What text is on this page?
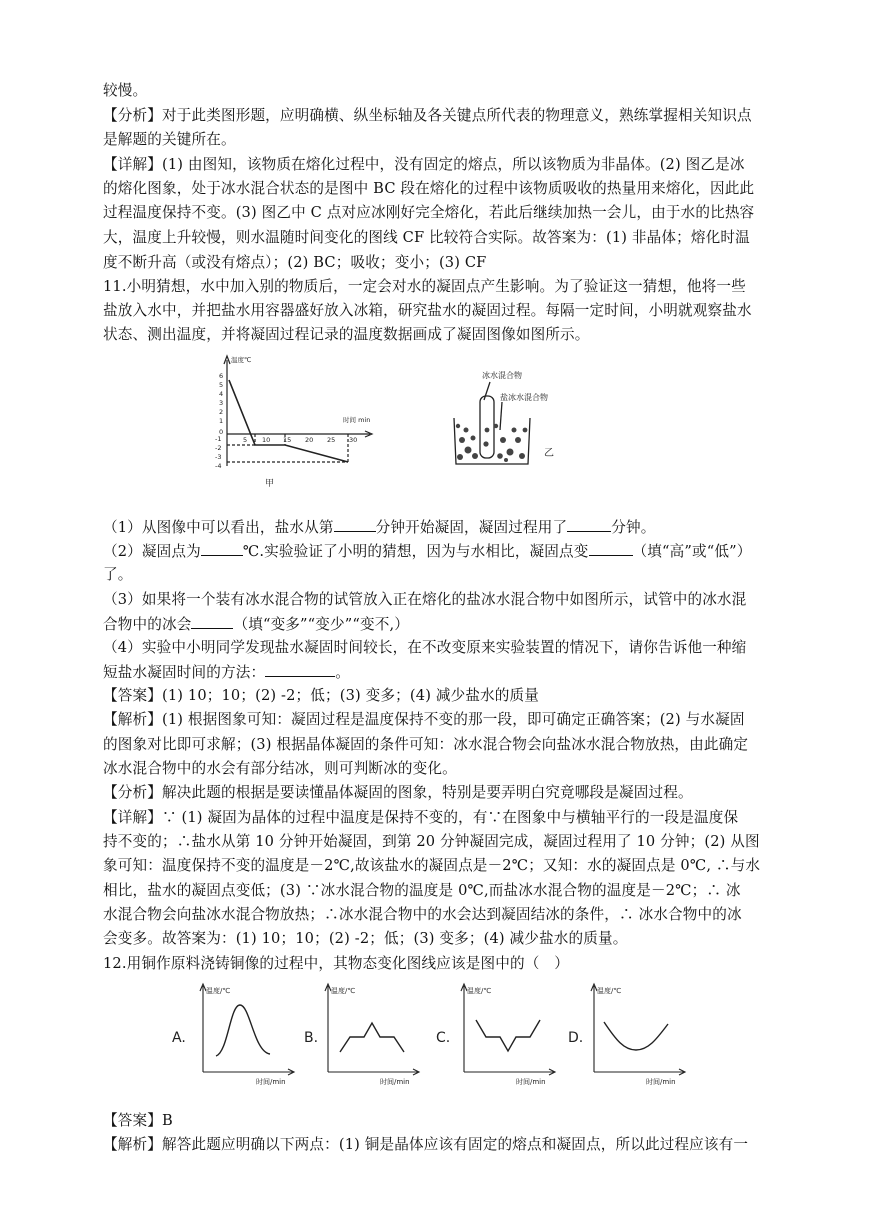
较慢。
【分析】对于此类图形题，应明确横、纵坐标轴及各关键点所代表的物理意义，熟练掌握相关知识点
是解题的关键所在。
【详解】(1) 由图知，该物质在熔化过程中，没有固定的熔点，所以该物质为非晶体。(2) 图乙是冰
的熔化图象，处于冰水混合状态的是图中 BC 段在熔化的过程中该物质吸收的热量用来熔化，因此此
过程温度保持不变。(3) 图乙中 C 点对应冰刚好完全熔化，若此后继续加热一会儿，由于水的比热容
大，温度上升较慢，则水温随时间变化的图线 CF 比较符合实际。故答案为：(1) 非晶体；熔化时温
度不断升高（或没有熔点）；(2) BC；吸收；变小；(3) CF
11.小明猜想，水中加入别的物质后，一定会对水的凝固点产生影响。为了验证这一猜想，他将一些
盐放入水中，并把盐水用容器盛好放入冰箱，研究盐水的凝固过程。每隔一定时间，小明就观察盐水
状态、测出温度，并将凝固过程记录的温度数据画成了凝固图像如图所示。
温度℃
时间 min
6
5
4
3
2
1
0
-1
-2
-3
-4
5 10 15 20 25 30
甲
冰水混合物
盐冰水混合物
乙
（1）从图像中可以看出，盐水从第	分钟开始凝固，凝固过程用了	分钟。
（2）凝固点为	℃.实验验证了小明的猜想，因为与水相比，凝固点变	（填“高”或“低”）
了。
（3）如果将一个装有冰水混合物的试管放入正在熔化的盐冰水混合物中如图所示，试管中的冰水混
合物中的冰会	（填“变多”“变少”“变不,）
（4）实验中小明同学发现盐水凝固时间较长，在不改变原来实验装置的情况下，请你告诉他一种缩
短盐水凝固时间的方法：	。
【答案】(1) 10；10；(2) -2；低；(3) 变多；(4) 减少盐水的质量
【解析】(1) 根据图象可知：凝固过程是温度保持不变的那一段，即可确定正确答案；(2) 与水凝固
的图象对比即可求解；(3) 根据晶体凝固的条件可知：冰水混合物会向盐冰水混合物放热，由此确定
冰水混合物中的水会有部分结冰，则可判断冰的变化。
【分析】解决此题的根据是要读懂晶体凝固的图象，特别是要弄明白究竟哪段是凝固过程。
【详解】∵ (1) 凝固为晶体的过程中温度是保持不变的，有∵在图象中与横轴平行的一段是温度保
持不变的；∴盐水从第 10 分钟开始凝固，到第 20 分钟凝固完成，凝固过程用了 10 分钟；(2) 从图
象可知：温度保持不变的温度是－2℃,故该盐水的凝固点是－2℃；又知：水的凝固点是 0℃, ∴与水
相比，盐水的凝固点变低；(3) ∵冰水混合物的温度是 0℃,而盐冰水混合物的温度是－2℃；∴ 冰
水混合物会向盐冰水混合物放热；∴冰水混合物中的水会达到凝固结冰的条件，∴ 冰水合物中的冰
会变多。故答案为：(1) 10；10；(2) -2；低；(3) 变多；(4) 减少盐水的质量。
12.用铜作原料浇铸铜像的过程中，其物态变化图线应该是图中的（　）
A.
温度/℃
时间/min
B.
温度/℃
时间/min
C.
温度/℃
时间/min
D.
温度/℃
时间/min
【答案】B
【解析】解答此题应明确以下两点：(1) 铜是晶体应该有固定的熔点和凝固点，所以此过程应该有一
